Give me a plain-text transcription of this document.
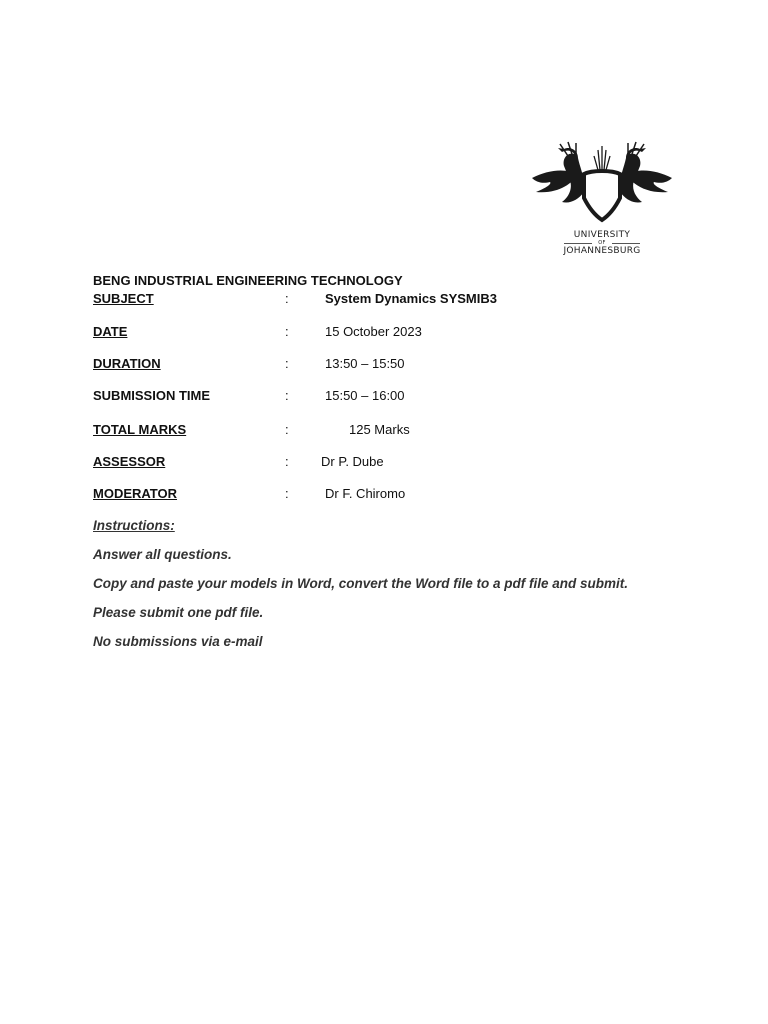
UNIVERSITY
OF
JOHANNESBURG
BENG INDUSTRIAL ENGINEERING TECHNOLOGY
SUBJECT	:	System Dynamics SYSMIB3
DATE	:	15 October 2023
DURATION	:	13:50 – 15:50
SUBMISSION TIME	:	15:50 – 16:00
TOTAL MARKS	:	125 Marks
ASSESSOR	: Dr P. Dube
MODERATOR	:	Dr F. Chiromo
Instructions:
Answer all questions.
Copy and paste your models in Word, convert the Word file to a pdf file and submit.
Please submit one pdf file.
No submissions via e-mail
